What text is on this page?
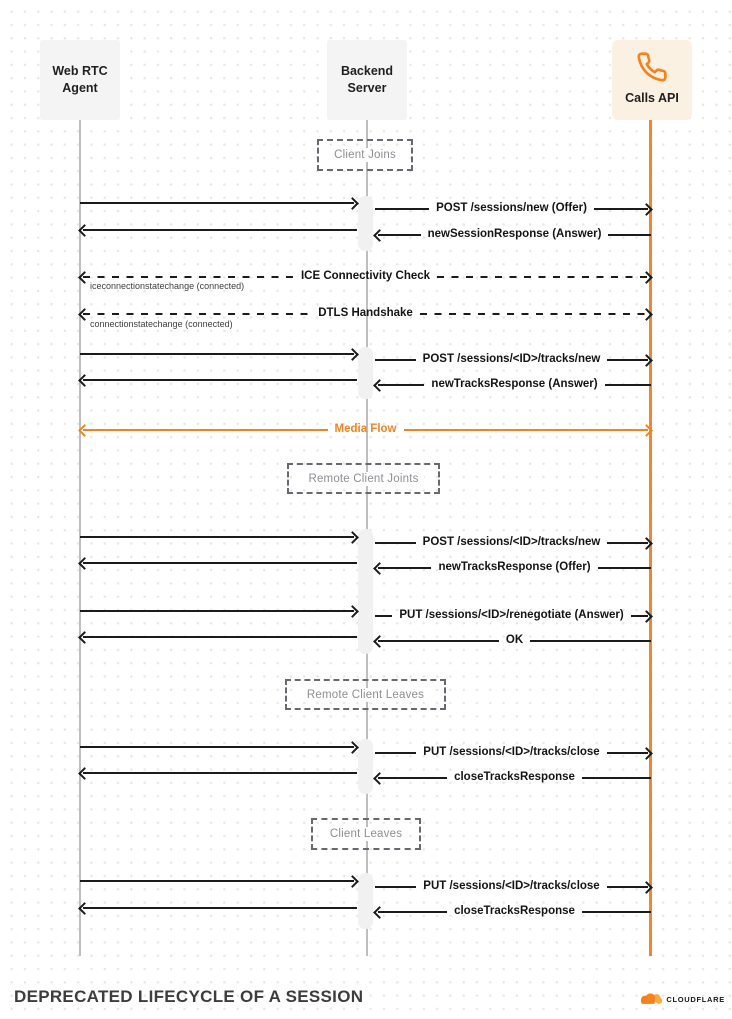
Web RTC Agent
Backend Server
Calls API
Client Joins
POST /sessions/new (Offer)
newSessionResponse (Answer)
ICE Connectivity Check
iceconnectionstatechange (connected)
DTLS Handshake
connectionstatechange (connected)
POST /sessions/<ID>/tracks/new
newTracksResponse (Answer)
Media Flow
Remote Client Joints
POST /sessions/<ID>/tracks/new
newTracksResponse (Offer)
PUT /sessions/<ID>/renegotiate (Answer)
OK
Remote Client Leaves
PUT /sessions/<ID>/tracks/close
closeTracksResponse
Client Leaves
PUT /sessions/<ID>/tracks/close
closeTracksResponse
DEPRECATED LIFECYCLE OF A SESSION	CLOUDFLARE
